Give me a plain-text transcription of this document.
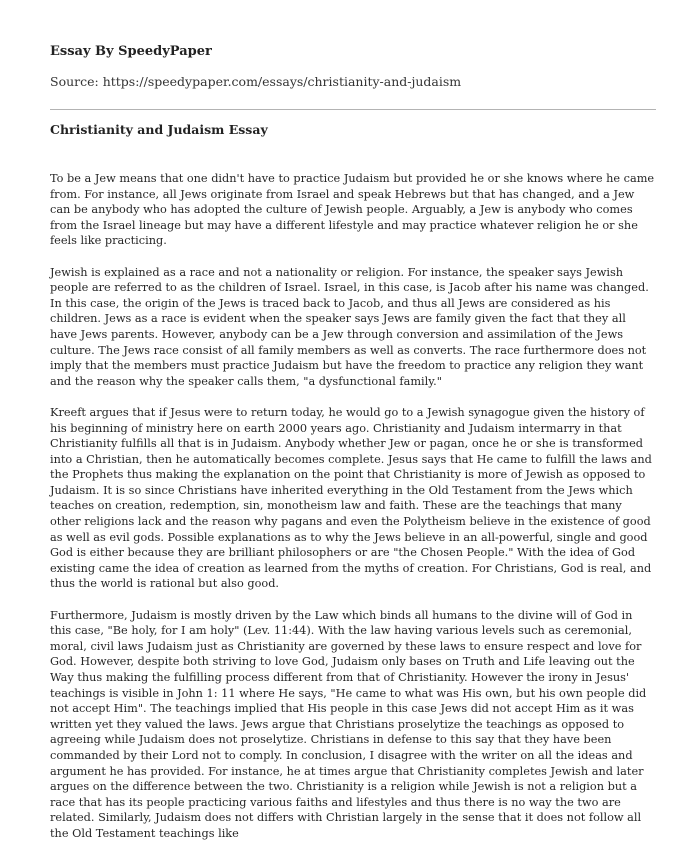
Essay By SpeedyPaper

Source: https://speedypaper.com/essays/christianity-and-judaism

Christianity and Judaism Essay

To be a Jew means that one didn't have to practice Judaism but provided he or she knows where he came from. For instance, all Jews originate from Israel and speak Hebrews but that has changed, and a Jew can be anybody who has adopted the culture of Jewish people. Arguably, a Jew is anybody who comes from the Israel lineage but may have a different lifestyle and may practice whatever religion he or she feels like practicing.

Jewish is explained as a race and not a nationality or religion. For instance, the speaker says Jewish people are referred to as the children of Israel. Israel, in this case, is Jacob after his name was changed. In this case, the origin of the Jews is traced back to Jacob, and thus all Jews are considered as his children. Jews as a race is evident when the speaker says Jews are family given the fact that they all have Jews parents. However, anybody can be a Jew through conversion and assimilation of the Jews culture. The Jews race consist of all family members as well as converts. The race furthermore does not imply that the members must practice Judaism but have the freedom to practice any religion they want and the reason why the speaker calls them, "a dysfunctional family."

Kreeft argues that if Jesus were to return today, he would go to a Jewish synagogue given the history of his beginning of ministry here on earth 2000 years ago. Christianity and Judaism intermarry in that Christianity fulfills all that is in Judaism. Anybody whether Jew or pagan, once he or she is transformed into a Christian, then he automatically becomes complete. Jesus says that He came to fulfill the laws and the Prophets thus making the explanation on the point that Christianity is more of Jewish as opposed to Judaism. It is so since Christians have inherited everything in the Old Testament from the Jews which teaches on creation, redemption, sin, monotheism law and faith. These are the teachings that many other religions lack and the reason why pagans and even the Polytheism believe in the existence of good as well as evil gods. Possible explanations as to why the Jews believe in an all-powerful, single and good God is either because they are brilliant philosophers or are "the Chosen People." With the idea of God existing came the idea of creation as learned from the myths of creation. For Christians, God is real, and thus the world is rational but also good.

Furthermore, Judaism is mostly driven by the Law which binds all humans to the divine will of God in this case, "Be holy, for I am holy" (Lev. 11:44). With the law having various levels such as ceremonial, moral, civil laws Judaism just as Christianity are governed by these laws to ensure respect and love for God. However, despite both striving to love God, Judaism only bases on Truth and Life leaving out the Way thus making the fulfilling process different from that of Christianity. However the irony in Jesus' teachings is visible in John 1: 11 where He says, "He came to what was His own, but his own people did not accept Him". The teachings implied that His people in this case Jews did not accept Him as it was written yet they valued the laws. Jews argue that Christians proselytize the teachings as opposed to agreeing while Judaism does not proselytize. Christians in defense to this say that they have been commanded by their Lord not to comply. In conclusion, I disagree with the writer on all the ideas and argument he has provided. For instance, he at times argue that Christianity completes Jewish and later argues on the difference between the two. Christianity is a religion while Jewish is not a religion but a race that has its people practicing various faiths and lifestyles and thus there is no way the two are related. Similarly, Judaism does not differs with Christian largely in the sense that it does not follow all the Old Testament teachings like
